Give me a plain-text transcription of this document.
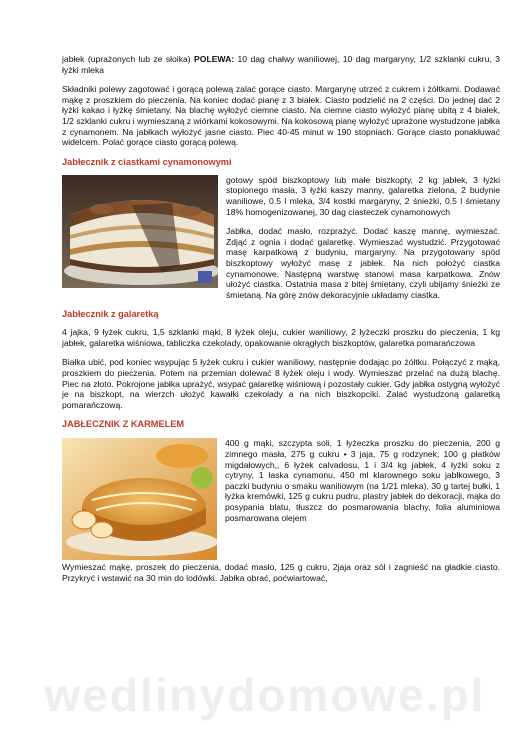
jabłek (uprażonych lub ze słoika) POLEWA: 10 dag chałwy waniliowej, 10 dag margaryny, 1/2 szklanki cukru, 3 łyżki mleka

Składniki polewy zagotować i gorącą polewą zalać gorące ciasto. Margarynę utrzeć z cukrem i żółtkami. Dodawać mąkę z proszkiem do pieczenia. Na koniec dodać pianę z 3 białek. Ciasto podzielić na 2 części. Do jednej dać 2 łyżki kakao i łyżkę śmietany. Na blachę wyłożyć ciemne ciasto. Na ciemne ciasto wyłożyć pianę ubitą z 4 białek, 1/2 szklanki cukru i wymieszaną z wiórkami kokosowymi. Na kokosową pianę wyłożyć uprażone wystudzone jabłka z cynamonem. Na jabłkach wyłożyć jasne ciasto. Piec 40-45 minut w 190 stopniach. Gorące ciasto ponakłuwać widelcem. Polać gorące ciasto gorącą polewą.

Jabłecznik z ciastkami cynamonowymi

gotowy spód biszkoptowy lub małe biszkopty, 2 kg jabłek, 3 łyżki stopionego masła, 3 łyżki kaszy manny, galaretka zielona, 2 budynie waniliowe, 0.5 l mleka, 3/4 kostki margaryny, 2 śnieżki, 0.5 l śmietany 18% homogenizowanej, 30 dag ciasteczek cynamonowych

Jabłka, dodać masło, rozprażyć. Dodać kaszę mannę, wymieszać. Zdjąć z ognia i dodać galaretkę. Wymieszać wystudzić. Przygotować masę karpatkową z budyniu, margaryny. Na przygotowany spód biszkoptowy wyłożyć masę z jabłek. Na nich położyć ciastka cynamonowe. Następną warstwę stanowi masa karpatkowa. Znów ułożyć ciastka. Ostatnia masa z bitej śmietany, czyli ubijamy śnieżki ze śmietaną. Na górę znów dekoracyjnie układamy ciastka.

Jabłecznik z galaretką

4 jajka, 9 łyżek cukru, 1,5 szklanki mąki, 8 łyżek oleju, cukier waniliowy, 2 łyżeczki proszku do pieczenia, 1 kg jabłek, galaretka wiśniowa, tabliczka czekolady, opakowanie okrągłych biszkoptów, galaretka pomarańczowa

Białka ubić, pod koniec wsypując 5 łyżek cukru i cukier waniliowy, następnie dodając po żółtku. Połączyć z mąką, proszkiem do pieczenia. Potem na przemian dolewać 8 łyżek oleju i wody. Wymieszać przelać na dużą blachę. Piec na złoto. Pokrojone jabłka uprażyć, wsypać galaretkę wiśniową i pozostały cukier. Gdy jabłka ostygną wyłożyć je na biszkopt, na wierzch ułożyć kawałki czekolady a na nich biszkopciki. Zalać wystudzoną galaretką pomarańczową.

JABŁECZNIK Z KARMELEM

400 g mąki, szczypta soli, 1 łyżeczka proszku do pieczenia, 200 g zimnego masła, 275 g cukru • 3 jaja, 75 g rodzynek, 100 g płatków migdałowych,, 6 łyżek calvadosu, 1 i 3/4 kg jabłek, 4 łyżki soku z cytryny, 1 łaska cynamonu, 450 ml klarownego soku jabłkowego, 3 paczki budyniu o smaku waniliowym (na 1/21 mleka), 30 g tartej bułki, 1 łyżka kremówki, 125 g cukru pudru, plastry jabłek do dekoracji, mąka do posypania blatu, tłuszcz do posmarowania blachy, folia aluminiowa posmarowana olejem

Wymieszać mąkę, proszek do pieczenia, dodać masło, 125 g cukru, 2jaja oraz sól i zagnieść na gładkie ciasto. Przykryć i wstawić na 30 min do lodówki. Jabłka obrać, poćwiartować,

wedlinydomowe.pl
